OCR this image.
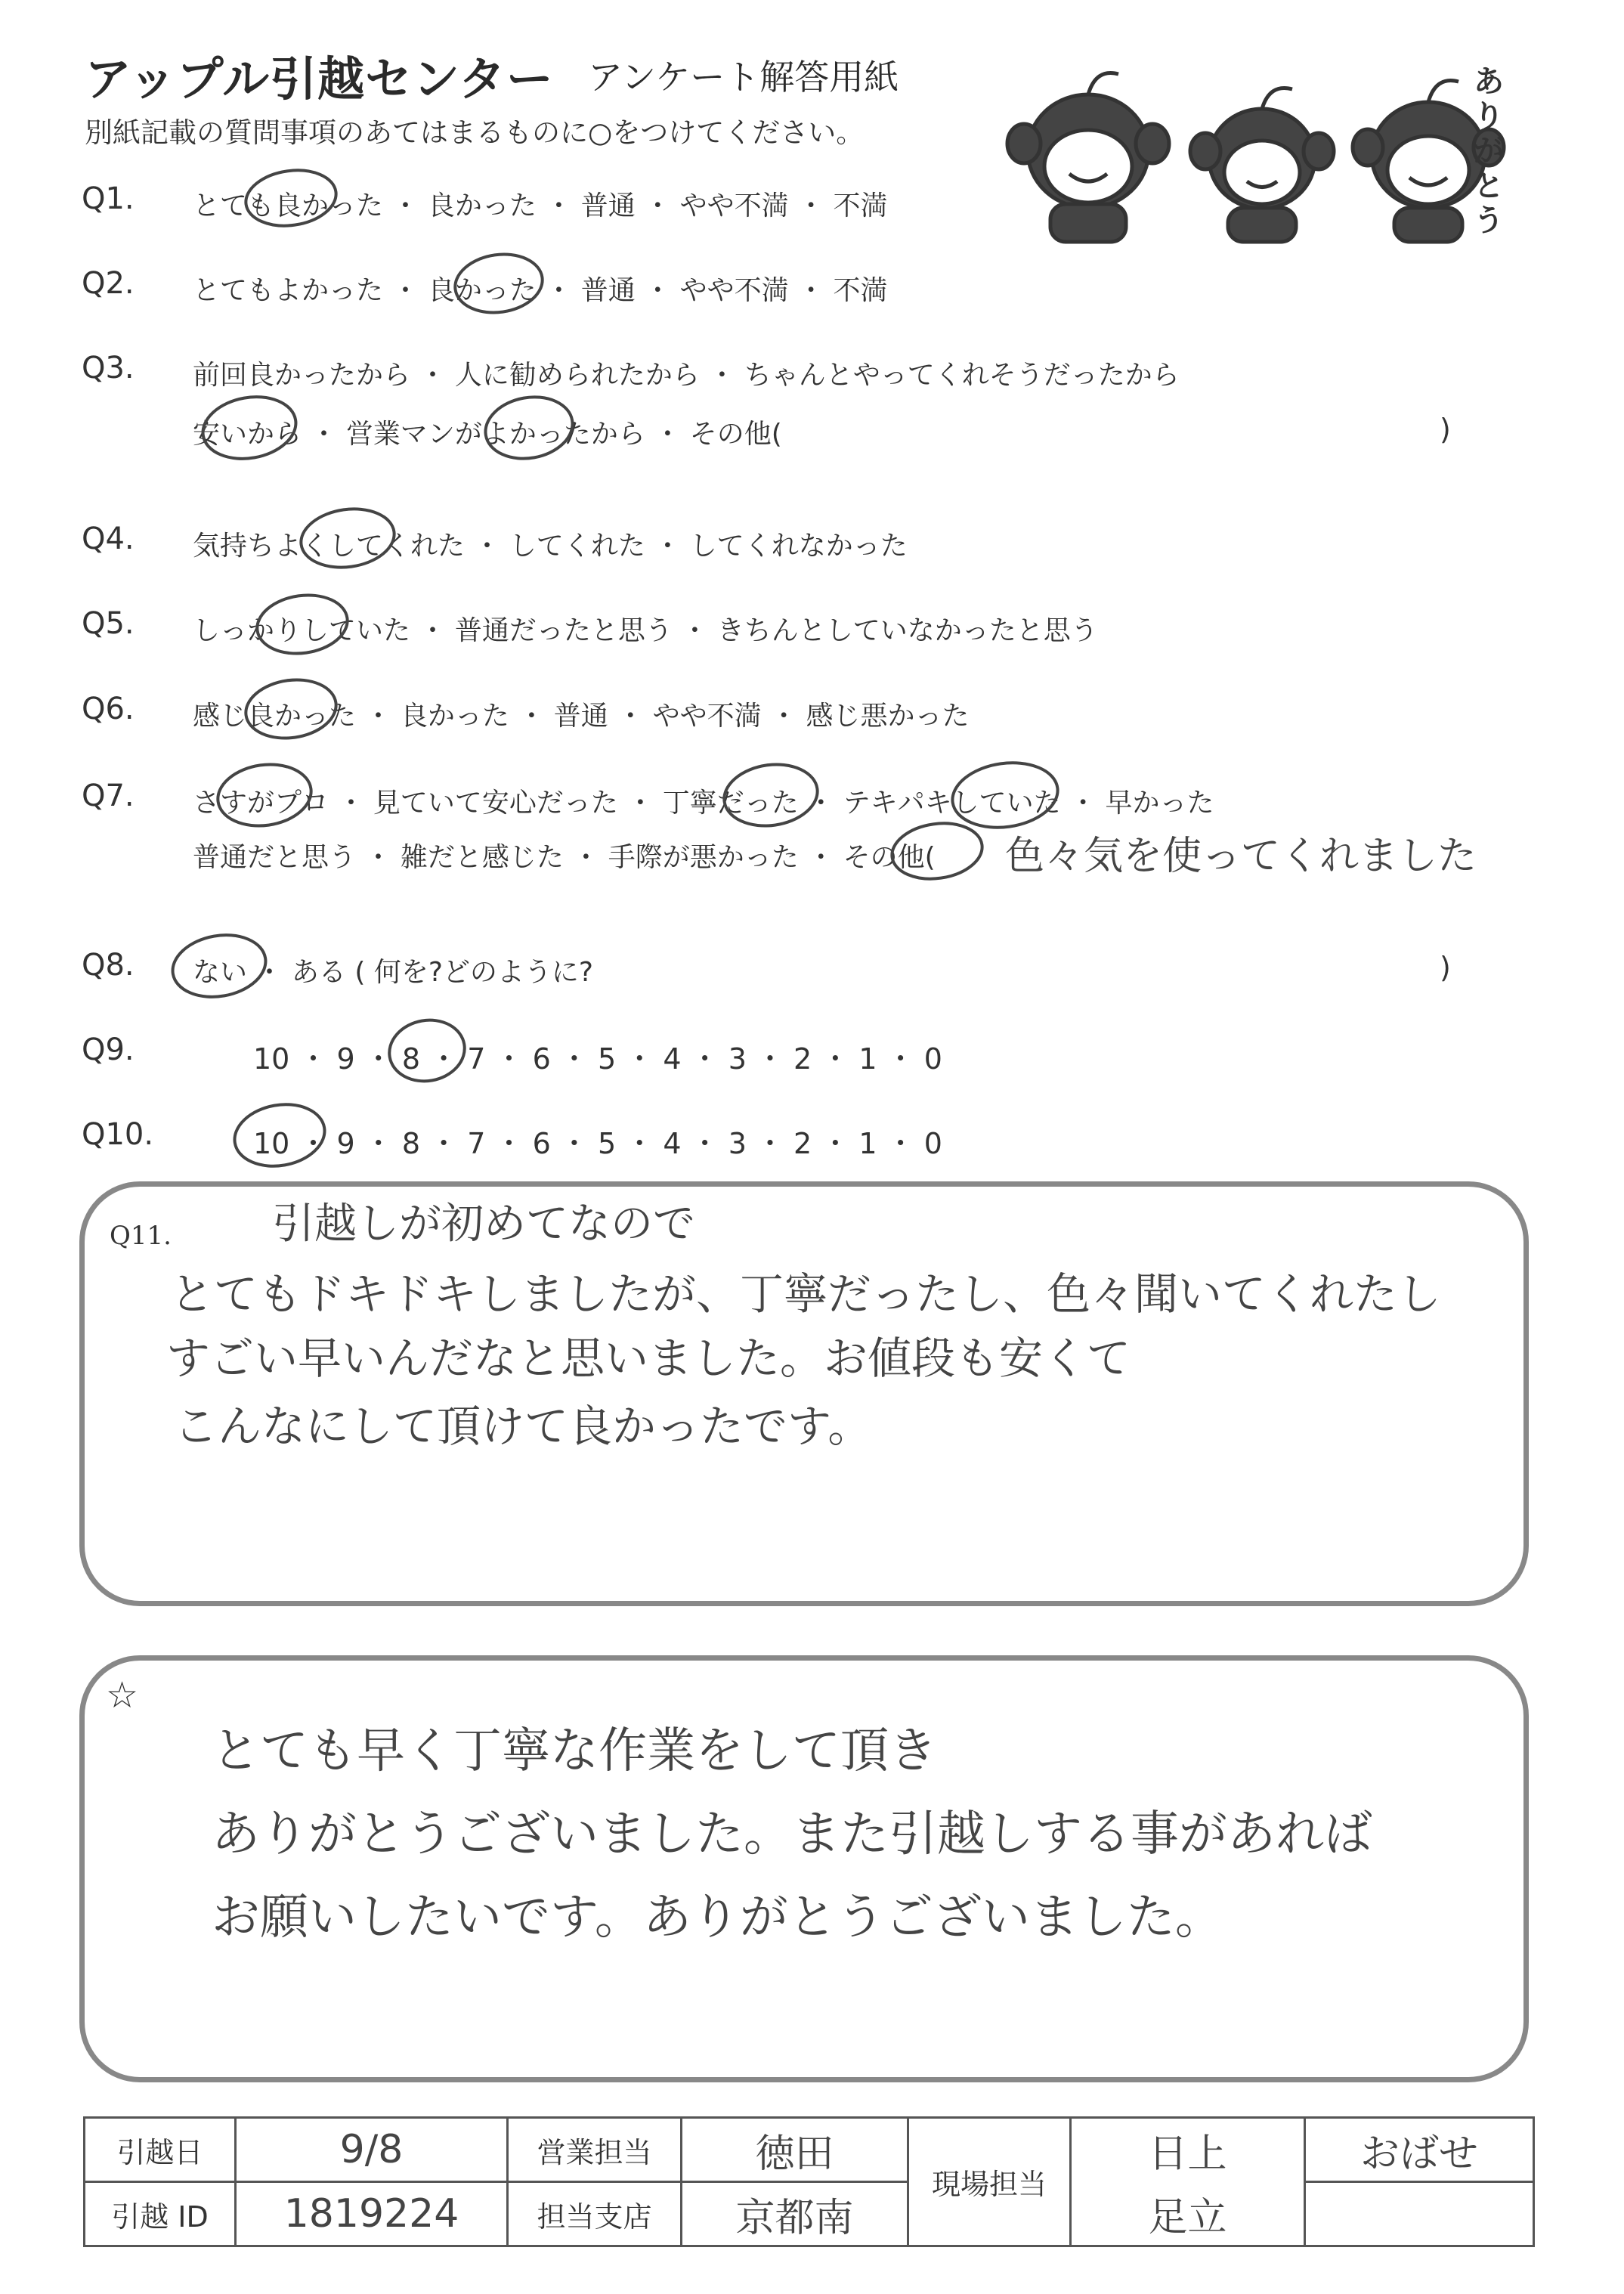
アップル引越センター アンケート解答用紙
別紙記載の質問事項のあてはまるものに○をつけてください。
ありがとう
Q1. とても良かった ・ 良かった ・ 普通 ・ やや不満 ・ 不満
Q2. とてもよかった ・ 良かった ・ 普通 ・ やや不満 ・ 不満
Q3. 前回良かったから ・ 人に勧められたから ・ ちゃんとやってくれそうだったから
安いから ・ 営業マンがよかったから ・ その他(	)
Q4. 気持ちよくしてくれた ・ してくれた ・ してくれなかった
Q5. しっかりしていた ・ 普通だったと思う ・ きちんとしていなかったと思う
Q6. 感じ良かった ・ 良かった ・ 普通 ・ やや不満 ・ 感じ悪かった
Q7. さすがプロ ・ 見ていて安心だった ・ 丁寧だった ・ テキパキしていた ・ 早かった
普通だと思う ・ 雑だと感じた ・ 手際が悪かった ・ その他( 色々気を使ってくれました
Q8. ない ・ ある ( 何を?どのように?	)
Q9.	10 ・ 9 ・ 8 ・ 7 ・ 6 ・ 5 ・ 4 ・ 3 ・ 2 ・ 1 ・ 0
Q10.	10 ・ 9 ・ 8 ・ 7 ・ 6 ・ 5 ・ 4 ・ 3 ・ 2 ・ 1 ・ 0
Q11. 引越しが初めてなので
とてもドキドキしましたが、丁寧だったし、色々聞いてくれたし
すごい早いんだなと思いました。お値段も安くて
こんなにして頂けて良かったです。
☆
とても早く丁寧な作業をして頂き
ありがとうございました。また引越しする事があれば
お願いしたいです。ありがとうございました。
引越日	9/8	営業担当	徳田	現場担当	日上	おばせ
引越 ID	1819224	担当支店	京都南		足立	
